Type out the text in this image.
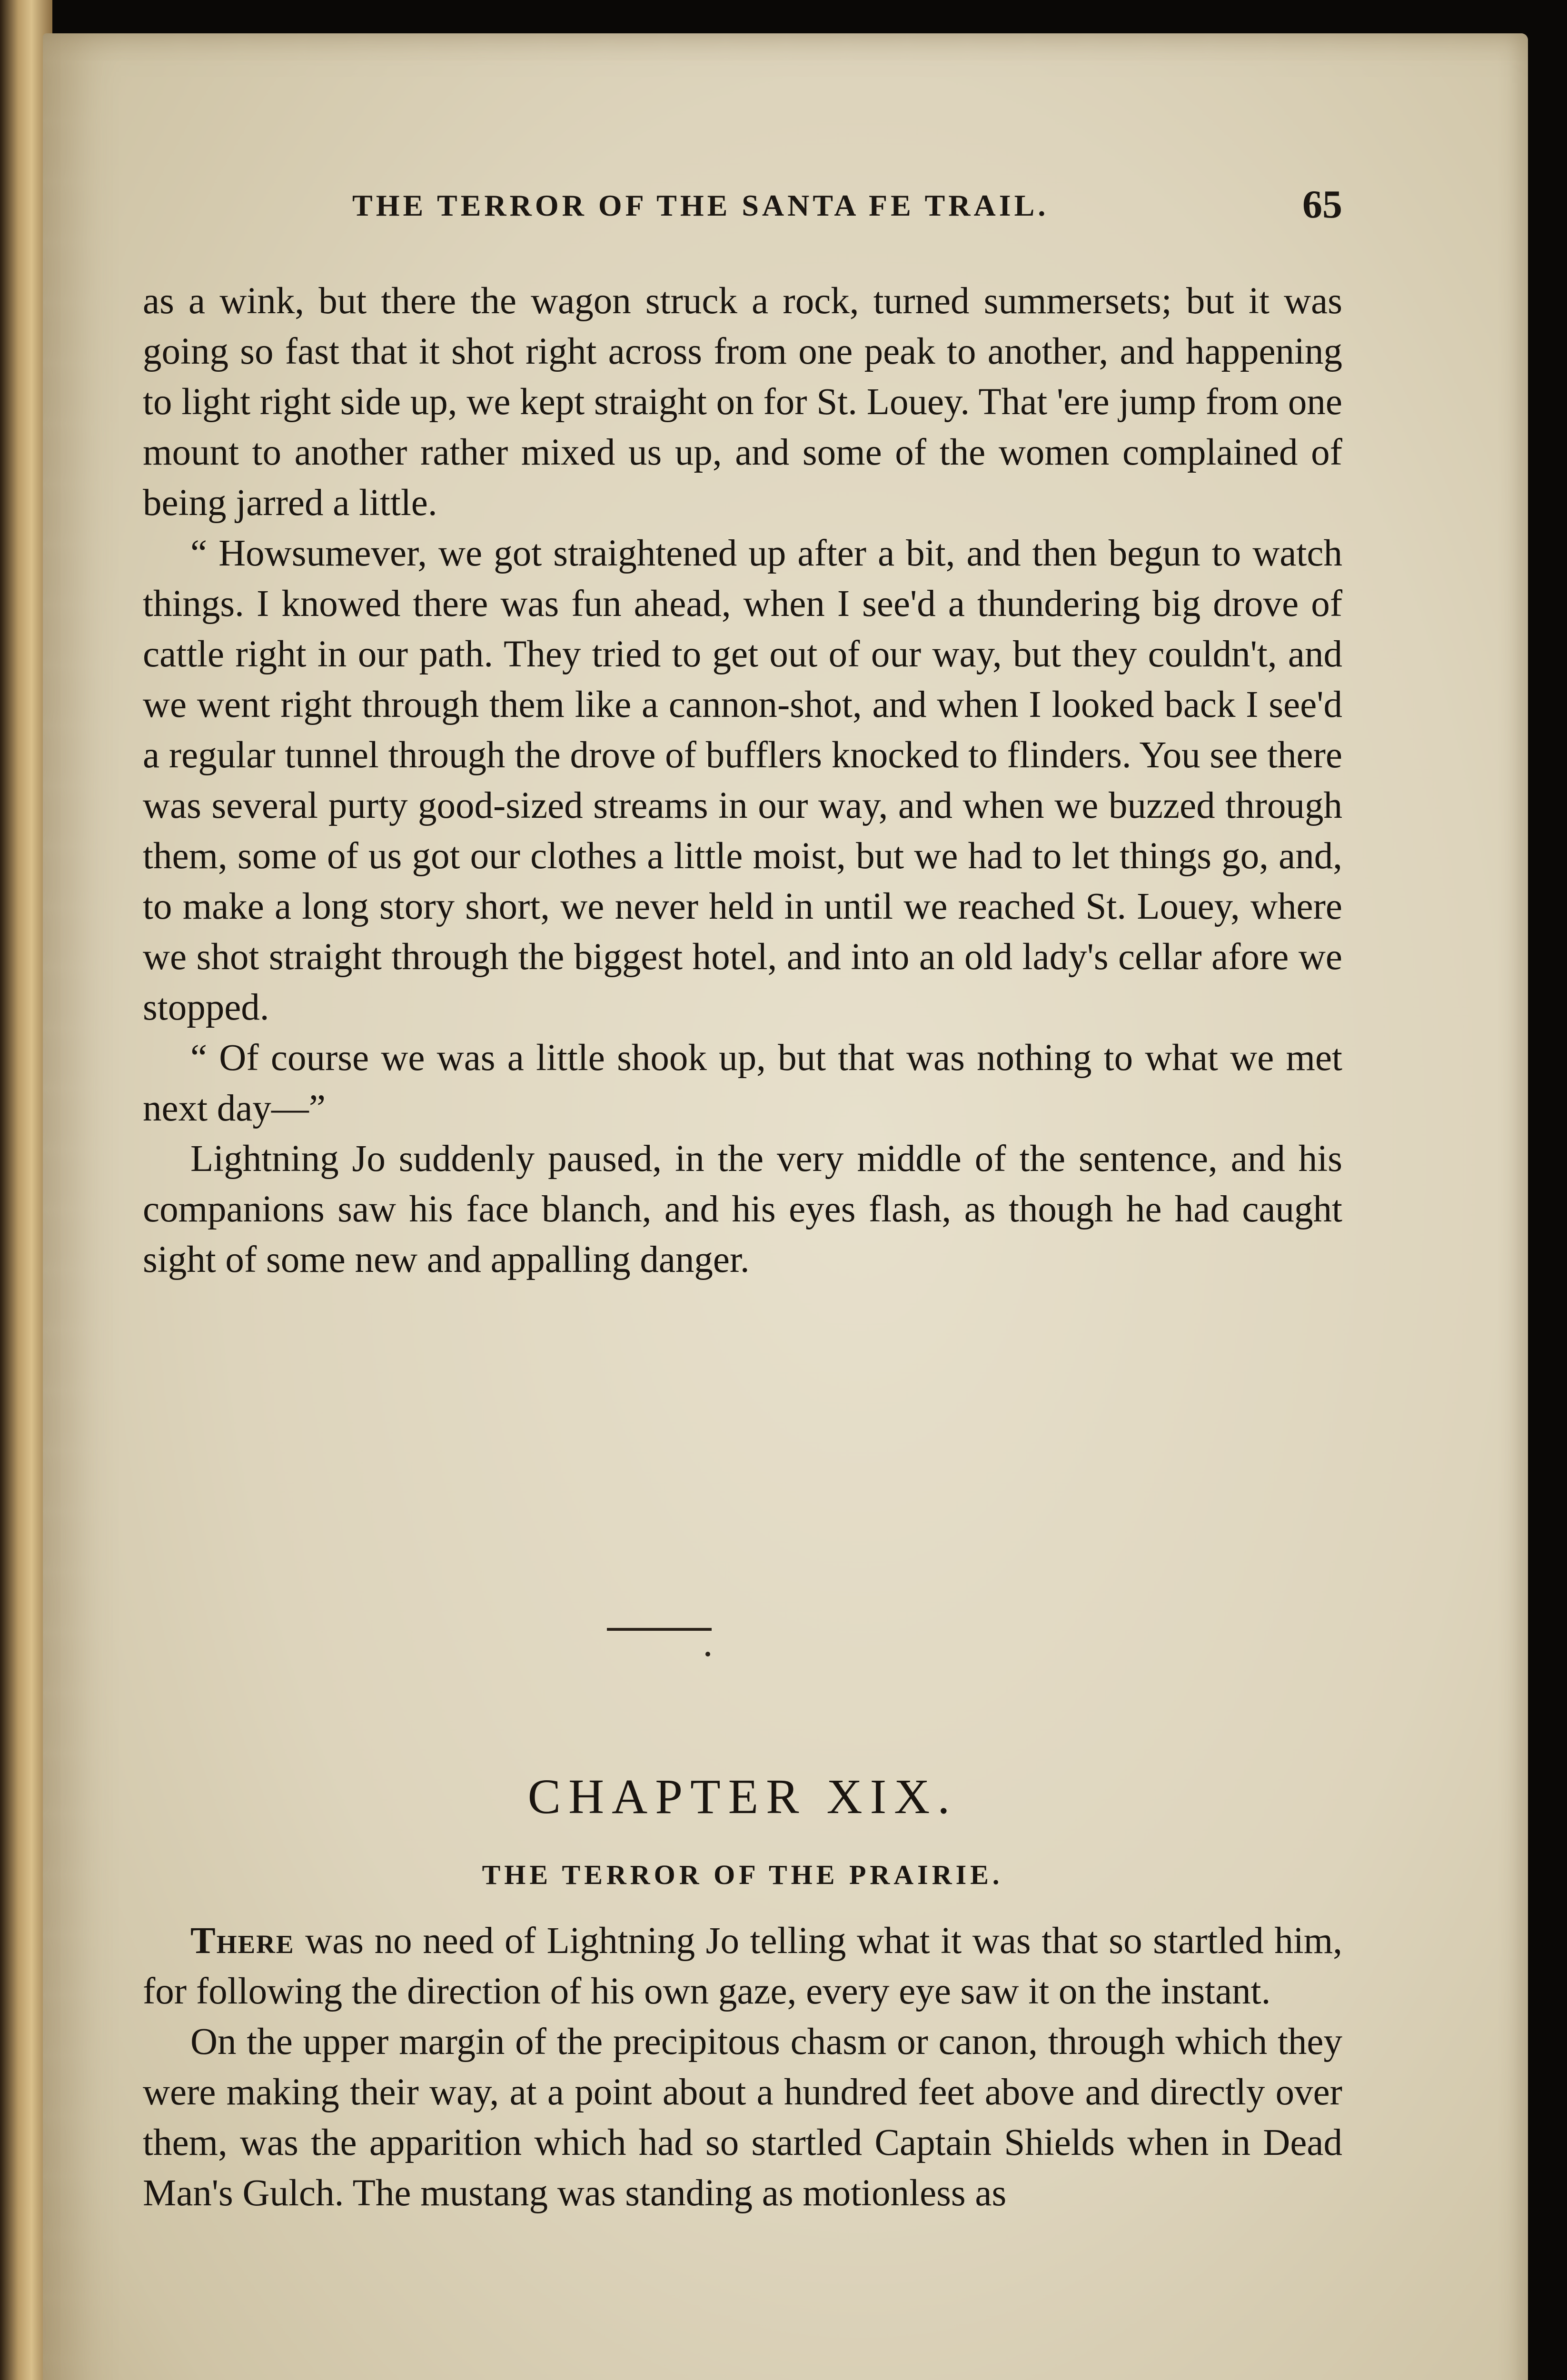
THE TERROR OF THE SANTA FE TRAIL.	65

as a wink, but there the wagon struck a rock, turned summersets; but it was going so fast that it shot right across from one peak to another, and happening to light right side up, we kept straight on for St. Louey. That 'ere jump from one mount to another rather mixed us up, and some of the women complained of being jarred a little.

“ Howsumever, we got straightened up after a bit, and then begun to watch things. I knowed there was fun ahead, when I see'd a thundering big drove of cattle right in our path. They tried to get out of our way, but they couldn't, and we went right through them like a cannon-shot, and when I looked back I see'd a regular tunnel through the drove of bufflers knocked to flinders. You see there was several purty good-sized streams in our way, and when we buzzed through them, some of us got our clothes a little moist, but we had to let things go, and, to make a long story short, we never held in until we reached St. Louey, where we shot straight through the biggest hotel, and into an old lady's cellar afore we stopped.

“ Of course we was a little shook up, but that was nothing to what we met next day—”

Lightning Jo suddenly paused, in the very middle of the sentence, and his companions saw his face blanch, and his eyes flash, as though he had caught sight of some new and appalling danger.

CHAPTER XIX.
THE TERROR OF THE PRAIRIE.

There was no need of Lightning Jo telling what it was that so startled him, for following the direction of his own gaze, every eye saw it on the instant.

On the upper margin of the precipitous chasm or canon, through which they were making their way, at a point about a hundred feet above and directly over them, was the apparition which had so startled Captain Shields when in Dead Man's Gulch. The mustang was standing as motionless as
